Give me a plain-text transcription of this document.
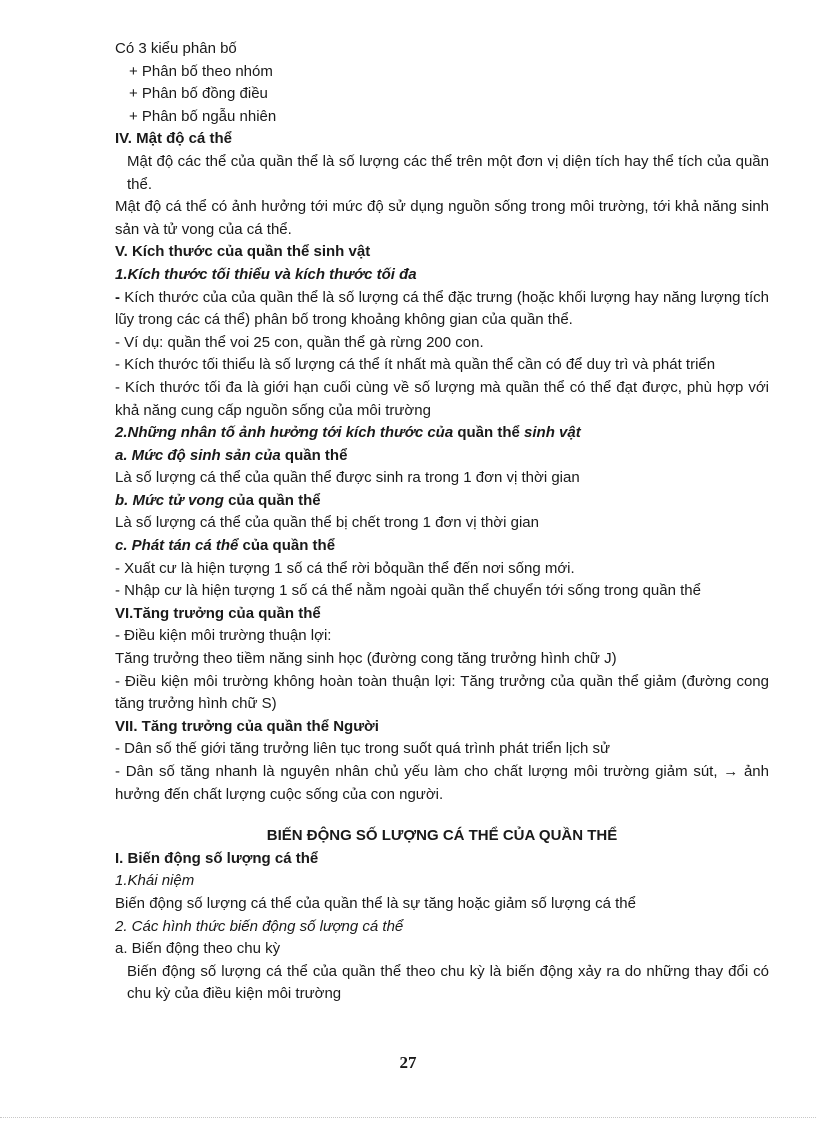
Có 3 kiểu phân bố

+ Phân bố theo nhóm

+ Phân bố đồng điều

+ Phân bố ngẫu nhiên

IV. Mật độ cá thể

Mật độ các thể của quần thể là số lượng các thể trên một đơn vị diện tích hay thể tích của quần thể.

Mật độ cá thể có ảnh hưởng tới mức độ sử dụng nguồn sống trong môi trường, tới khả năng sinh sản và tử vong của cá thể.

V. Kích thước của quần thể sinh vật

1.Kích thước tối thiểu và kích thước tối đa

- Kích thước của của quần thể là số lượng cá thể đặc trưng (hoặc khối lượng hay năng lượng tích lũy trong các cá thể) phân bố trong khoảng không gian của quần thể.

- Ví dụ: quần thể voi 25 con, quần thể gà rừng 200 con.

- Kích thước tối thiểu là số lượng cá thể ít nhất mà quần thể cần có để duy trì và phát triển

- Kích thước tối đa là giới hạn cuối cùng về số lượng mà quần thể có thể đạt được, phù hợp với khả năng cung cấp nguồn sống của môi trường

2.Những nhân tố ảnh hưởng tới kích thước của quần thể sinh vật

a. Mức độ sinh sản của quần thể

Là số lượng cá thể của quần thể được sinh ra trong 1 đơn vị thời gian

b. Mức tử vong của quần thể

Là số lượng cá thể của quần thể bị chết trong 1 đơn vị thời gian

c. Phát tán cá thể của quần thể

- Xuất cư là hiện tượng 1 số cá thể rời bỏquần thể đến nơi sống mới.

- Nhập cư là hiện tượng 1 số cá thể nằm ngoài quần thể chuyển tới sống trong quần thể

VI.Tăng trưởng của quần thể

- Điều kiện môi trường thuận lợi:

Tăng trưởng theo tiềm năng sinh học (đường cong tăng trưởng hình chữ J)

- Điều kiện môi trường không hoàn toàn thuận lợi: Tăng trưởng của quần thể giảm (đường cong tăng trưởng hình chữ S)

VII. Tăng trưởng của quần thể Người

- Dân số thế giới tăng trưởng liên tục trong suốt quá trình phát triển lịch sử

- Dân số tăng nhanh là nguyên nhân chủ yếu làm cho chất lượng môi trường giảm sút, → ảnh hưởng đến chất lượng cuộc sống của con người.

BIẾN ĐỘNG SỐ LƯỢNG CÁ THỂ CỦA QUẦN THỂ

I. Biến động số lượng cá thể

1.Khái niệm

Biến động số lượng cá thể của quần thể là sự tăng hoặc giảm số lượng cá thể

2. Các hình thức biến động số lượng cá thể

a. Biến động theo chu kỳ

Biến động số lượng cá thể của quần thể theo chu kỳ là biến động xảy ra do những thay đổi có chu kỳ của điều kiện môi trường

27
